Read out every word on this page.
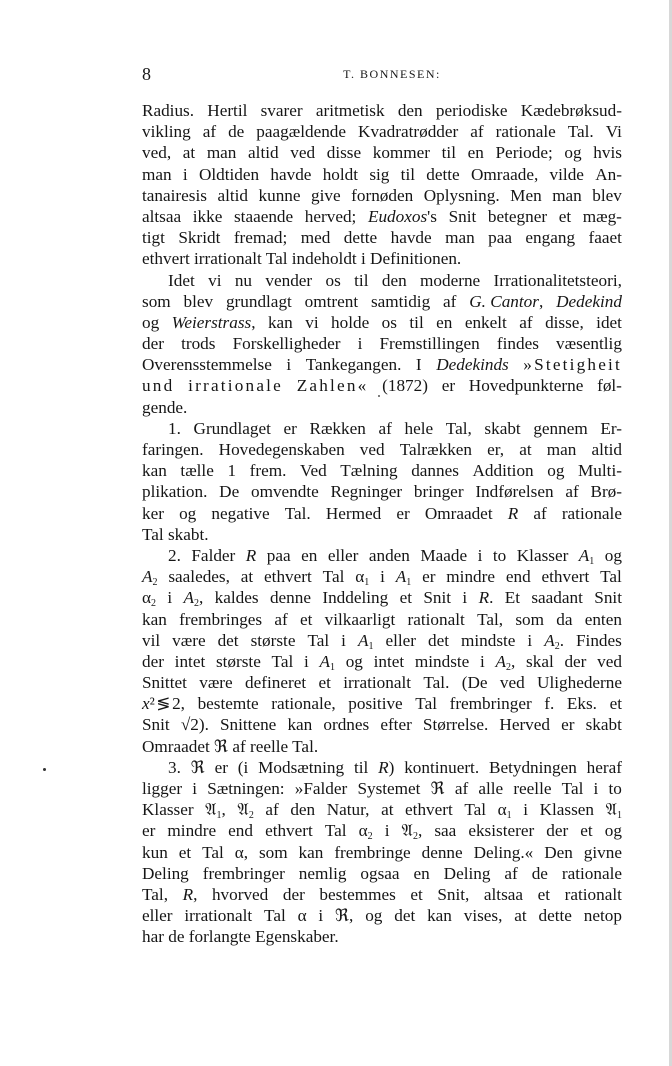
8	T. BONNESEN:
Radius. Hertil svarer aritmetisk den periodiske Kædebrøksud-
vikling af de paagældende Kvadratrødder af rationale Tal. Vi
ved, at man altid ved disse kommer til en Periode; og hvis
man i Oldtiden havde holdt sig til dette Omraade, vilde An-
tanairesis altid kunne give fornøden Oplysning. Men man blev
altsaa ikke staaende herved; Eudoxos's Snit betegner et mæg-
tigt Skridt fremad; med dette havde man paa engang faaet
ethvert irrationalt Tal indeholdt i Definitionen.
Idet vi nu vender os til den moderne Irrationalitetsteori,
som blev grundlagt omtrent samtidig af G. Cantor, Dedekind
og Weierstrass, kan vi holde os til en enkelt af disse, idet
der trods Forskelligheder i Fremstillingen findes væsentlig
Overensstemmelse i Tankegangen. I Dedekinds »Stetigheit
und irrationale Zahlen« (1872) er Hovedpunkterne føl-
gende.
1. Grundlaget er Rækken af hele Tal, skabt gennem Er-
faringen. Hovedegenskaben ved Talrækken er, at man altid
kan tælle 1 frem. Ved Tælning dannes Addition og Multi-
plikation. De omvendte Regninger bringer Indførelsen af Brø-
ker og negative Tal. Hermed er Omraadet R af rationale
Tal skabt.
2. Falder R paa en eller anden Maade i to Klasser $A_1$ og
$A_2$ saaledes, at ethvert Tal $\alpha_1$ i $A_1$ er mindre end ethvert Tal
$\alpha_2$ i $A_2$, kaldes denne Inddeling et Snit i R. Et saadant Snit
kan frembringes af et vilkaarligt rationalt Tal, som da enten
vil være det største Tal i $A_1$ eller det mindste i $A_2$. Findes
der intet største Tal i $A_1$ og intet mindste i $A_2$, skal der ved
Snittet være defineret et irrationalt Tal. (De ved Ulighederne
x² ≶ 2, bestemte rationale, positive Tal frembringer f. Eks. et
Snit √2). Snittene kan ordnes efter Størrelse. Herved er skabt
Omraadet ℜ af reelle Tal.
3. ℜ er (i Modsætning til R) kontinuert. Betydningen heraf
ligger i Sætningen: »Falder Systemet ℜ af alle reelle Tal i to
Klasser 𝔄$_1$, 𝔄$_2$ af den Natur, at ethvert Tal $\alpha_1$ i Klassen 𝔄$_1$
er mindre end ethvert Tal $\alpha_2$ i 𝔄$_2$, saa eksisterer der et og
kun et Tal α, som kan frembringe denne Deling.« Den givne
Deling frembringer nemlig ogsaa en Deling af de rationale
Tal, R, hvorved der bestemmes et Snit, altsaa et rationalt
eller irrationalt Tal α i ℜ, og det kan vises, at dette netop
har de forlangte Egenskaber.
